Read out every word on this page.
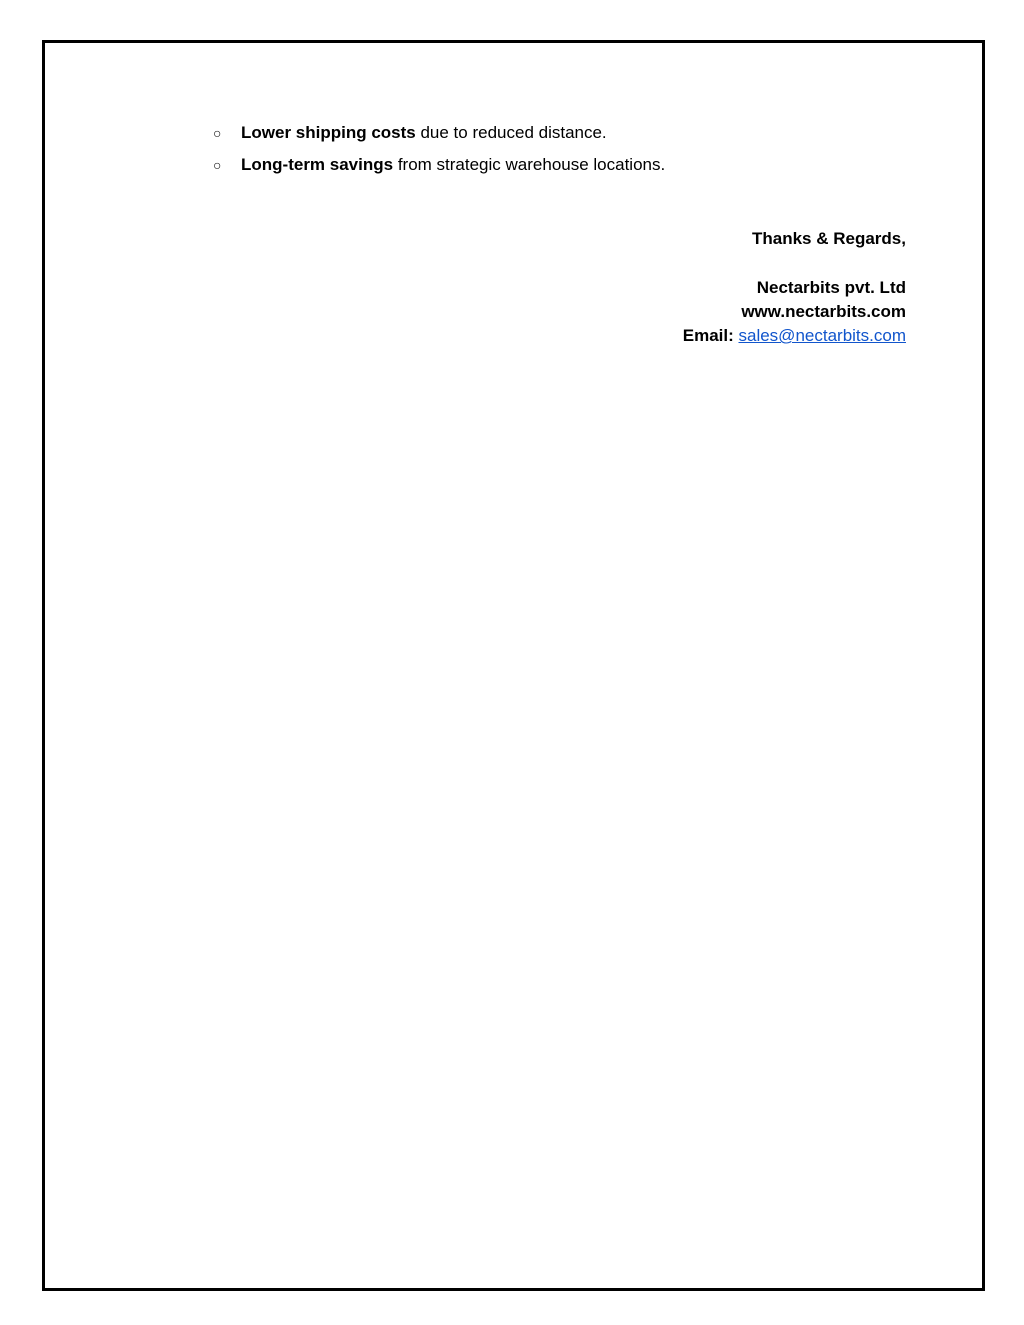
○ Lower shipping costs due to reduced distance.
○ Long-term savings from strategic warehouse locations.
Thanks & Regards,
Nectarbits pvt. Ltd
www.nectarbits.com
Email: sales@nectarbits.com
